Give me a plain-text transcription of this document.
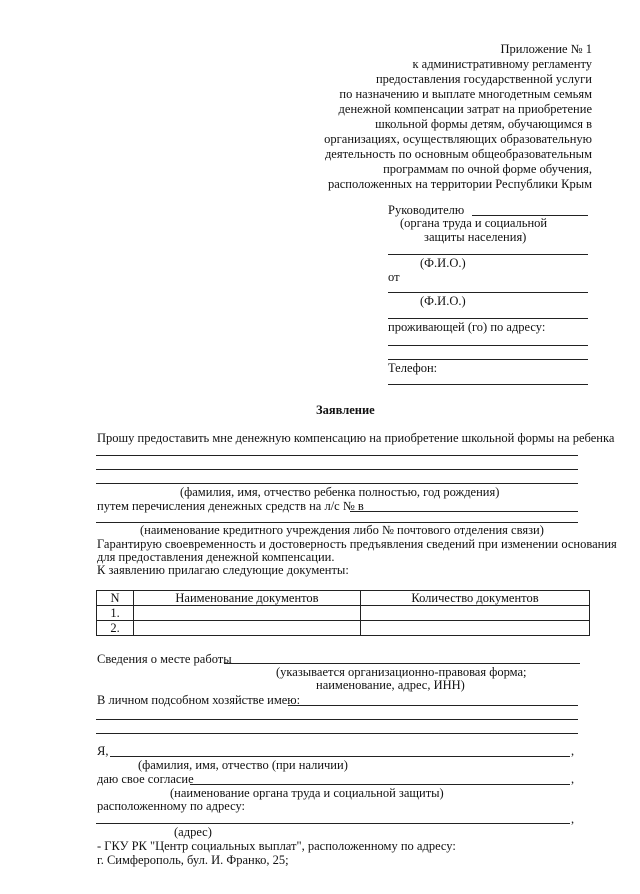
Приложение № 1
к административному регламенту
предоставления государственной услуги
по назначению и выплате многодетным семьям
денежной компенсации затрат на приобретение
школьной формы детям, обучающимся в
организациях, осуществляющих образовательную
деятельность по основным общеобразовательным
программам по очной форме обучения,
расположенных на территории Республики Крым
Руководителю
(органа труда и социальной
защиты населения)
(Ф.И.О.)
от
(Ф.И.О.)
проживающей (го) по адресу:
Телефон:
Заявление
Прошу предоставить мне денежную компенсацию на приобретение школьной формы на ребенка
(фамилия, имя, отчество ребенка полностью, год рождения)
путем перечисления денежных средств на л/с № в
(наименование кредитного учреждения либо № почтового отделения связи)
Гарантирую своевременность и достоверность предъявления сведений при изменении основания
для предоставления денежной компенсации.
К заявлению прилагаю следующие документы:
N	Наименование документов	Количество документов
1.		
2.		
Сведения о месте работы
(указывается организационно-правовая форма;
наименование, адрес, ИНН)
В личном подсобном хозяйстве имею:
Я,	,
(фамилия, имя, отчество (при наличии)
даю свое согласие	,
(наименование органа труда и социальной защиты)
расположенному по адресу:
,
(адрес)
- ГКУ РК "Центр социальных выплат", расположенному по адресу:
г. Симферополь, бул. И. Франко, 25;
